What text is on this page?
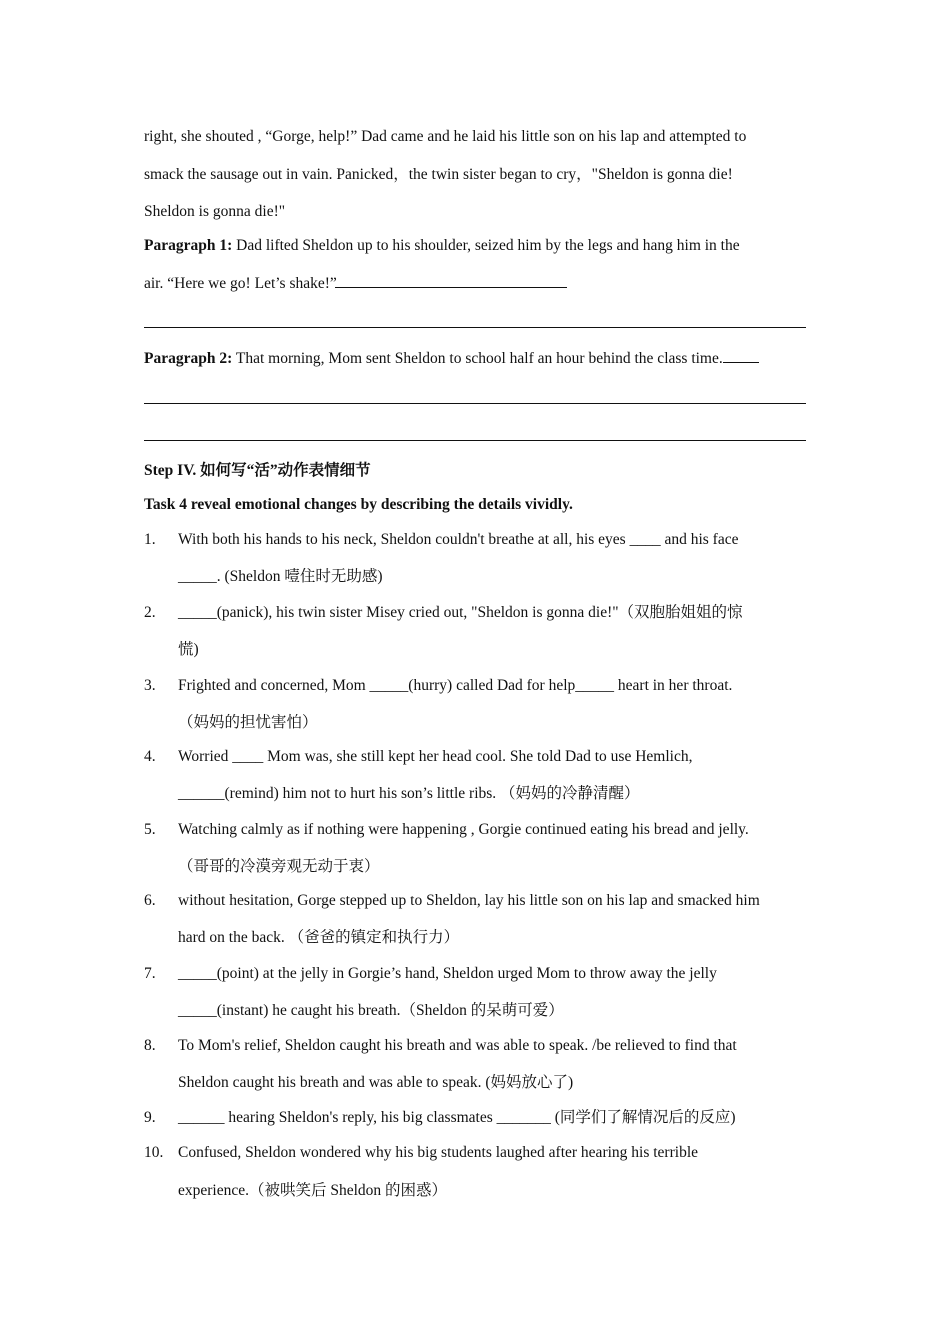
right, she shouted , “Gorge, help!” Dad came and he laid his little son on his lap and attempted to
smack the sausage out in vain. Panicked，the twin sister began to cry，"Sheldon is gonna die!
Sheldon is gonna die!"
Paragraph 1: Dad lifted Sheldon up to his shoulder, seized him by the legs and hang him in the
air. “Here we go! Let’s shake!”
Paragraph 2: That morning, Mom sent Sheldon to school half an hour behind the class time.
Step IV. 如何写“活”动作表情细节
Task 4 reveal emotional changes by describing the details vividly.
1. With both his hands to his neck, Sheldon couldn't breathe at all, his eyes ____ and his face
_____. (Sheldon 噎住时无助感)
2. _____(panick), his twin sister Misey cried out, "Sheldon is gonna die!"（双胞胎姐姐的惊
慌)
3. Frighted and concerned, Mom _____(hurry) called Dad for help_____ heart in her throat.
（妈妈的担忧害怕）
4. Worried ____ Mom was, she still kept her head cool. She told Dad to use Hemlich,
______(remind) him not to hurt his son’s little ribs. （妈妈的冷静清醒）
5. Watching calmly as if nothing were happening , Gorgie continued eating his bread and jelly.
（哥哥的冷漠旁观无动于衷）
6. without hesitation, Gorge stepped up to Sheldon, lay his little son on his lap and smacked him
hard on the back. （爸爸的镇定和执行力）
7. _____(point) at the jelly in Gorgie’s hand, Sheldon urged Mom to throw away the jelly
_____(instant) he caught his breath.（Sheldon 的呆萌可爱）
8. To Mom's relief, Sheldon caught his breath and was able to speak. /be relieved to find that
Sheldon caught his breath and was able to speak. (妈妈放心了)
9. ______ hearing Sheldon's reply, his big classmates _______ (同学们了解情况后的反应)
10. Confused, Sheldon wondered why his big students laughed after hearing his terrible
experience.（被哄笑后 Sheldon 的困惑）
